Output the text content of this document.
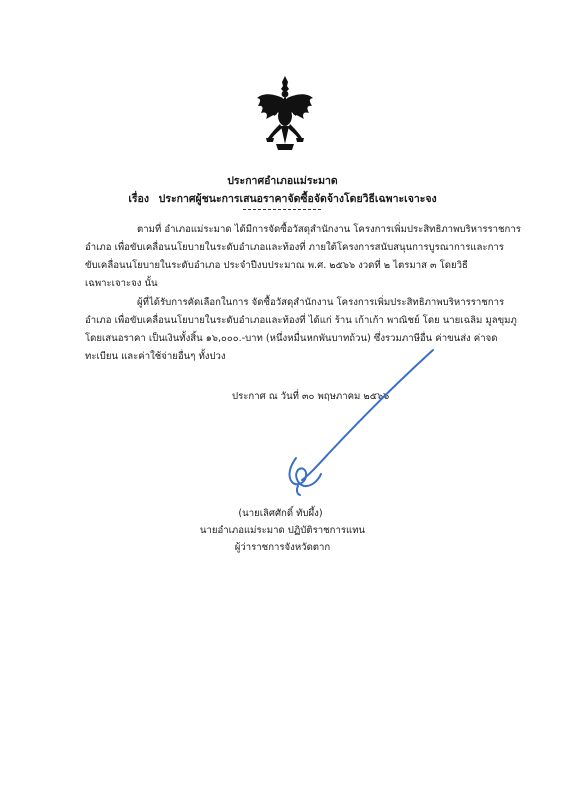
ประกาศอำเภอแม่ระมาด
เรื่อง ประกาศผู้ชนะการเสนอราคาจัดซื้อจัดจ้างโดยวิธีเฉพาะเจาะจง

ตามที่ อำเภอแม่ระมาด ได้มีการจัดซื้อวัสดุสำนักงาน โครงการเพิ่มประสิทธิภาพบริหารราชการ
อำเภอ เพื่อขับเคลื่อนนโยบายในระดับอำเภอและท้องที่ ภายใต้โครงการสนับสนุนการบูรณาการและการ
ขับเคลื่อนนโยบายในระดับอำเภอ ประจำปีงบประมาณ พ.ศ. ๒๕๖๖ งวดที่ ๒ ไตรมาส ๓ โดยวิธี
เฉพาะเจาะจง นั้น

ผู้ที่ได้รับการคัดเลือกในการ จัดซื้อวัสดุสำนักงาน โครงการเพิ่มประสิทธิภาพบริหารราชการ
อำเภอ เพื่อขับเคลื่อนนโยบายในระดับอำเภอและท้องที่ ได้แก่ ร้าน เก้าเก้า พาณิชย์ โดย นายเฉลิม มูลขุมภู
โดยเสนอราคา เป็นเงินทั้งสิ้น ๑๖,๐๐๐.-บาท (หนึ่งหมื่นหกพันบาทถ้วน) ซึ่งรวมภาษีอื่น ค่าขนส่ง ค่าจด
ทะเบียน และค่าใช้จ่ายอื่นๆ ทั้งปวง

ประกาศ ณ วันที่ ๓๐ พฤษภาคม ๒๕๖๖
(นายเลิศศักดิ์ ทับผึ้ง)
นายอำเภอแม่ระมาด ปฏิบัติราชการแทน
ผู้ว่าราชการจังหวัดตาก
